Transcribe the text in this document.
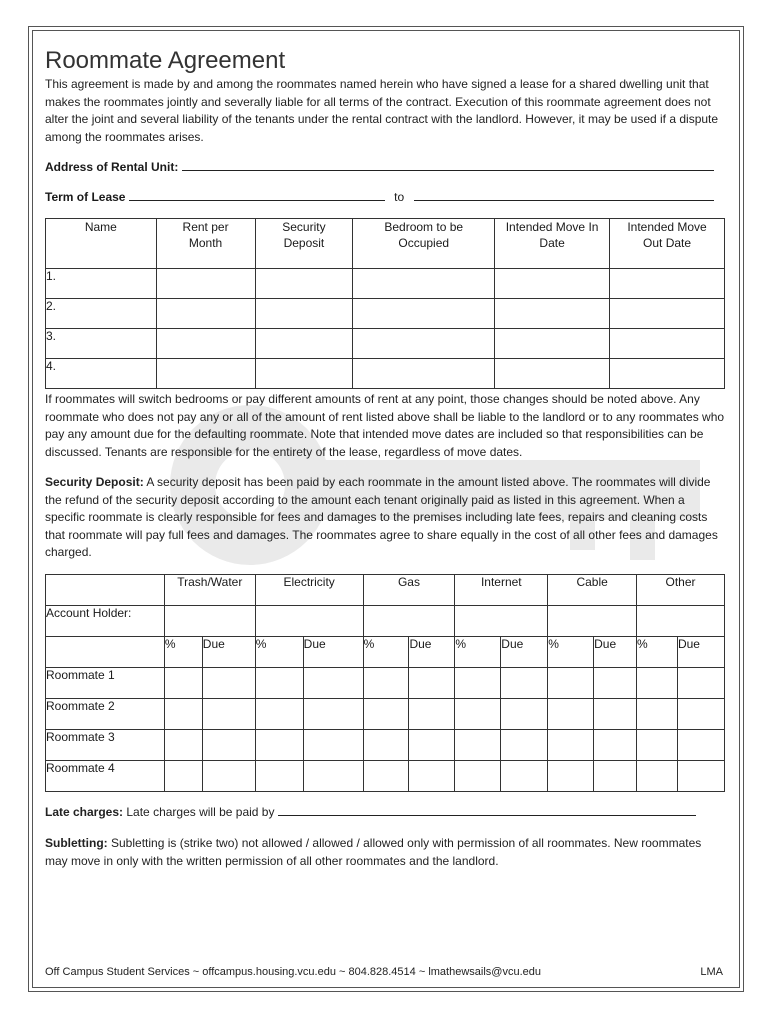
Roommate Agreement

This agreement is made by and among the roommates named herein who have signed a lease for a shared dwelling unit that makes the roommates jointly and severally liable for all terms of the contract. Execution of this roommate agreement does not alter the joint and several liability of the tenants under the rental contract with the landlord. However, it may be used if a dispute among the roommates arises.

Address of Rental Unit:
Term of Lease	to
Name	Rent per Month	Security Deposit	Bedroom to be Occupied	Intended Move In Date	Intended Move Out Date
1.					
2.					
3.					
4.					

If roommates will switch bedrooms or pay different amounts of rent at any point, those changes should be noted above. Any roommate who does not pay any or all of the amount of rent listed above shall be liable to the landlord or to any roommates who pay any amount due for the defaulting roommate. Note that intended move dates are included so that responsibilities can be discussed. Tenants are responsible for the entirety of the lease, regardless of move dates.

Security Deposit: A security deposit has been paid by each roommate in the amount listed above. The roommates will divide the refund of the security deposit according to the amount each tenant originally paid as listed in this agreement. When a specific roommate is clearly responsible for fees and damages to the premises including late fees, repairs and cleaning costs that roommate will pay full fees and damages. The roommates agree to share equally in the cost of all other fees and damages charged.

	Trash/Water		Electricity		Gas		Internet		Cable		Other	
Account Holder:												
	%	Due	%	Due	%	Due	%	Due	%	Due	%	Due
Roommate 1												
Roommate 2												
Roommate 3												
Roommate 4												
Late charges: Late charges will be paid by

Subletting: Subletting is (strike two) not allowed / allowed / allowed only with permission of all roommates. New roommates may move in only with the written permission of all other roommates and the landlord.

Off Campus Student Services ~ offcampus.housing.vcu.edu ~ 804.828.4514 ~ lmathewsails@vcu.edu	LMA
